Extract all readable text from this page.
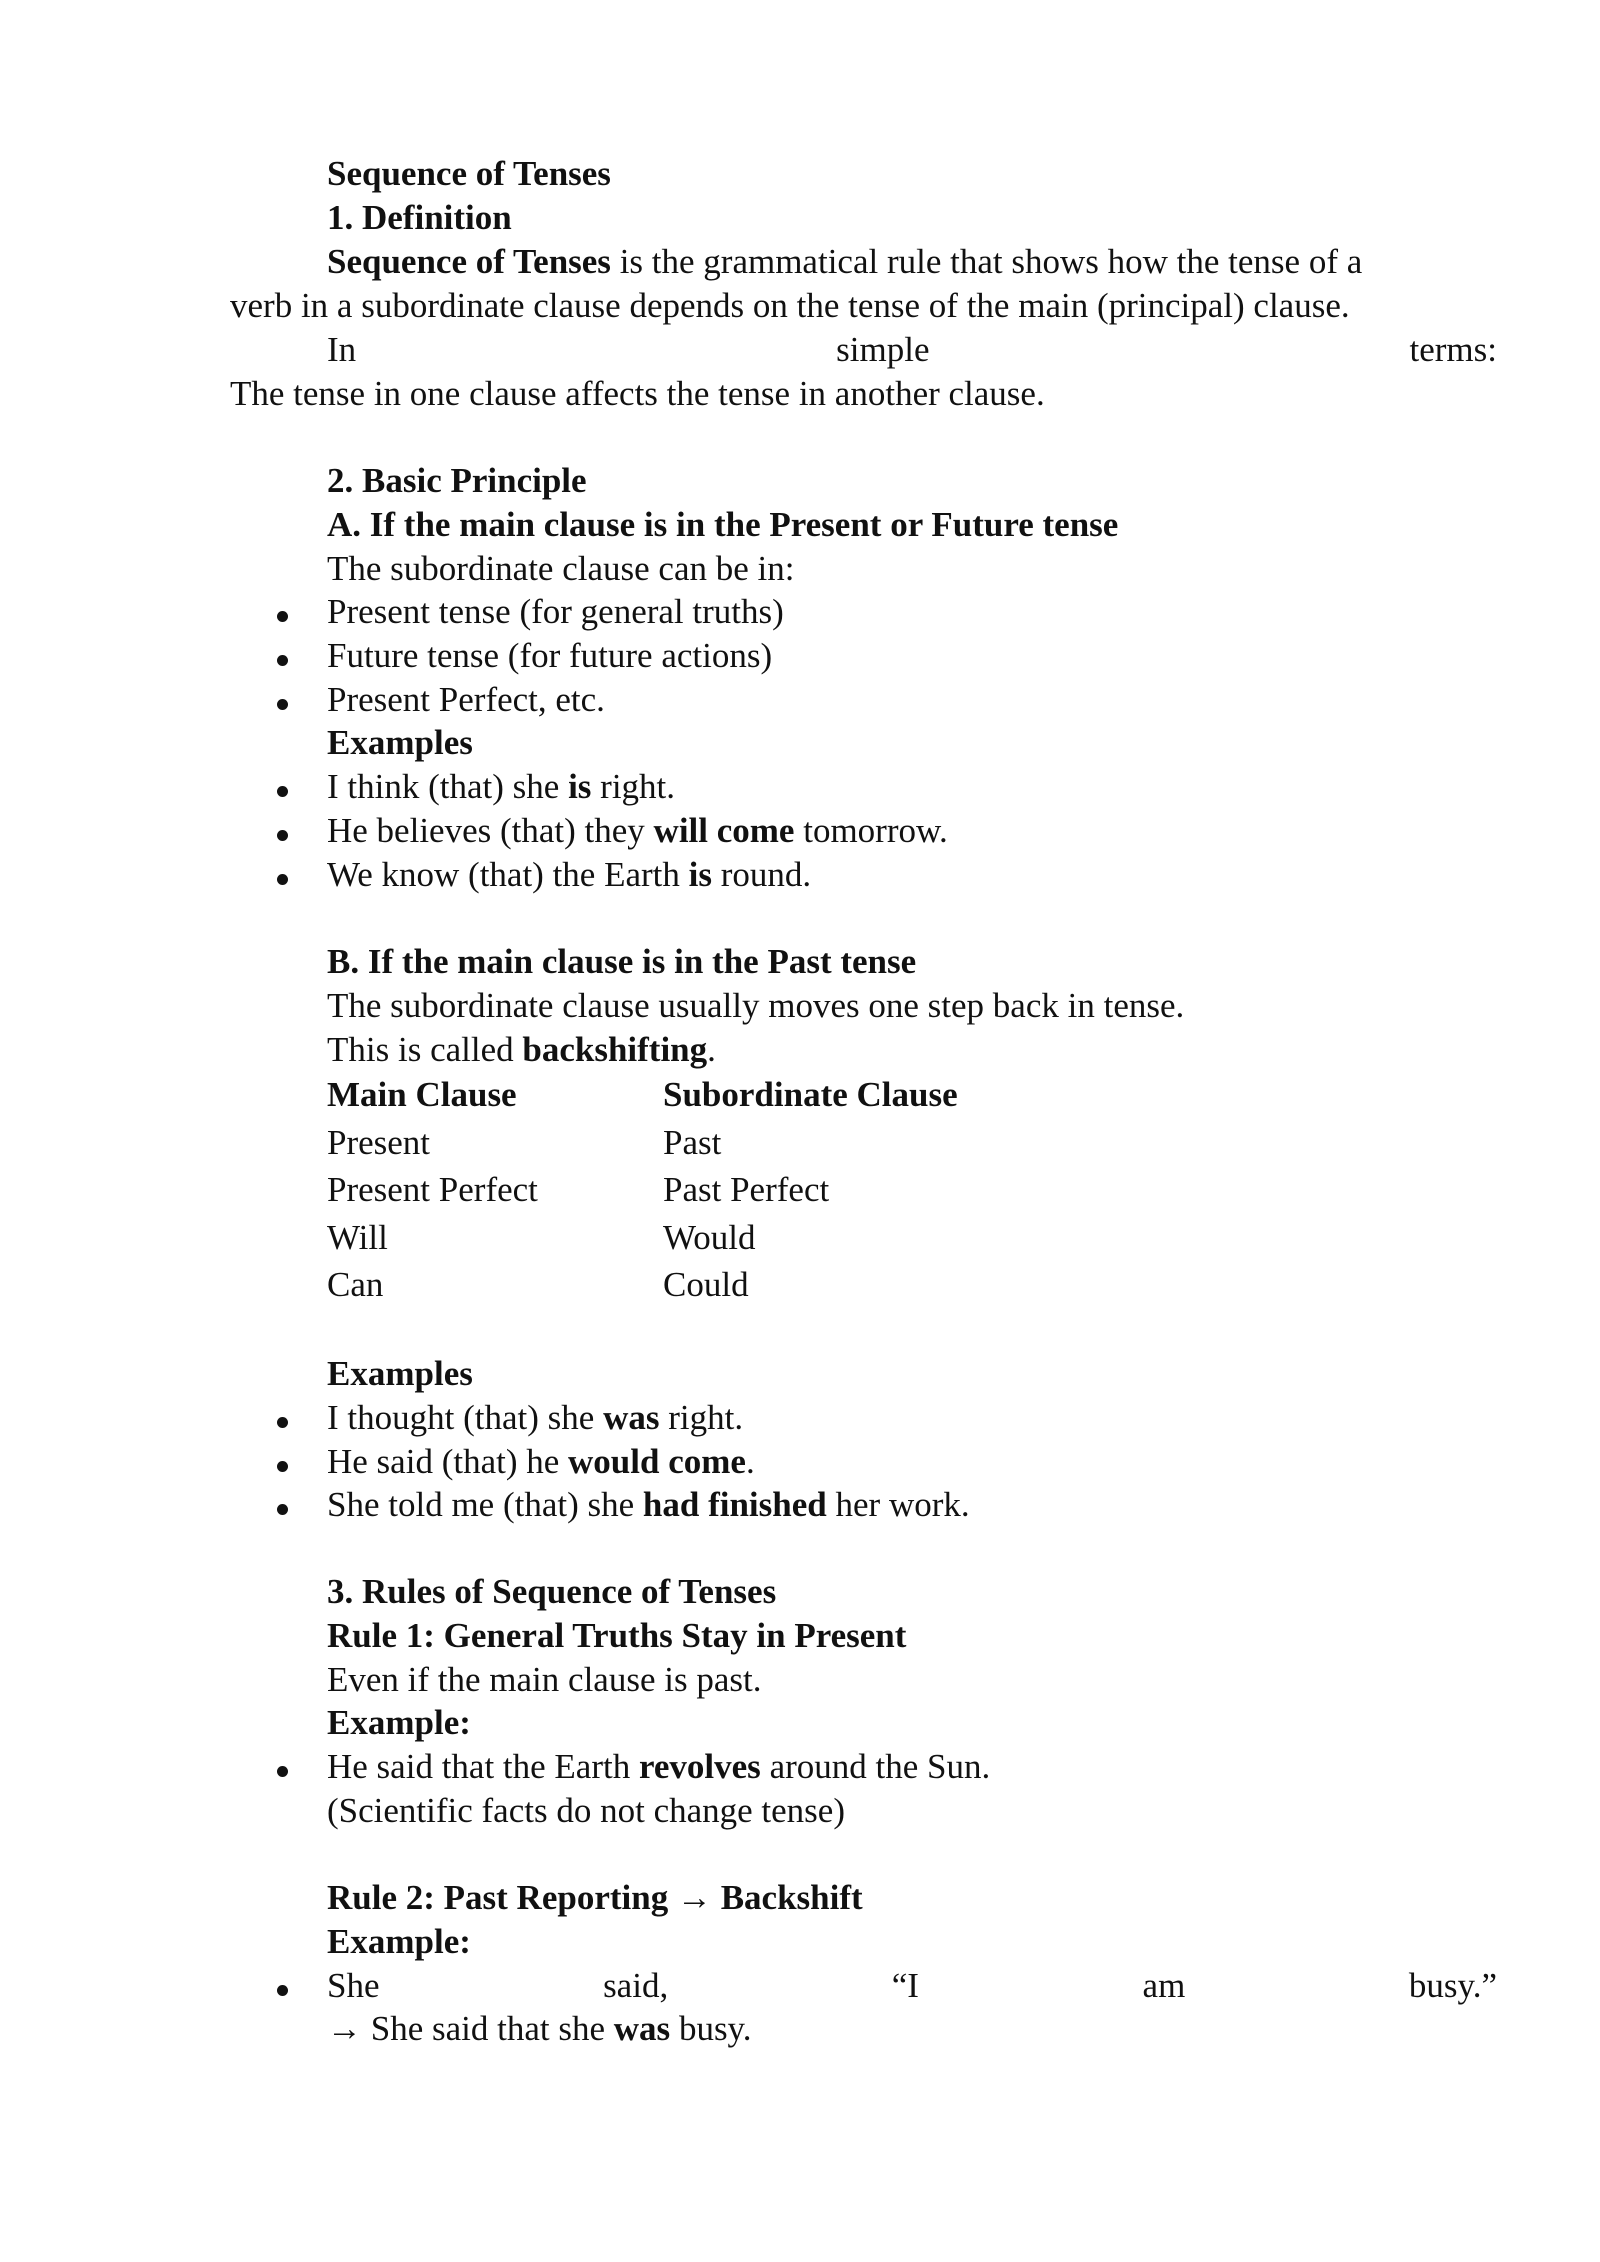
Sequence of Tenses
1. Definition
Sequence of Tenses is the grammatical rule that shows how the tense of a
verb in a subordinate clause depends on the tense of the main (principal) clause.
In	simple	terms:
The tense in one clause affects the tense in another clause.
2. Basic Principle
A. If the main clause is in the Present or Future tense
The subordinate clause can be in:
Present tense (for general truths)
Future tense (for future actions)
Present Perfect, etc.
Examples
I think (that) she is right.
He believes (that) they will come tomorrow.
We know (that) the Earth is round.
B. If the main clause is in the Past tense
The subordinate clause usually moves one step back in tense.
This is called backshifting.
Main Clause	Subordinate Clause
Present	Past
Present Perfect	Past Perfect
Will	Would
Can	Could
Examples
I thought (that) she was right.
He said (that) he would come.
She told me (that) she had finished her work.
3. Rules of Sequence of Tenses
Rule 1: General Truths Stay in Present
Even if the main clause is past.
Example:
He said that the Earth revolves around the Sun.
(Scientific facts do not change tense)
Rule 2: Past Reporting → Backshift
Example:
She	said,	“I	am	busy.”
→ She said that she was busy.
